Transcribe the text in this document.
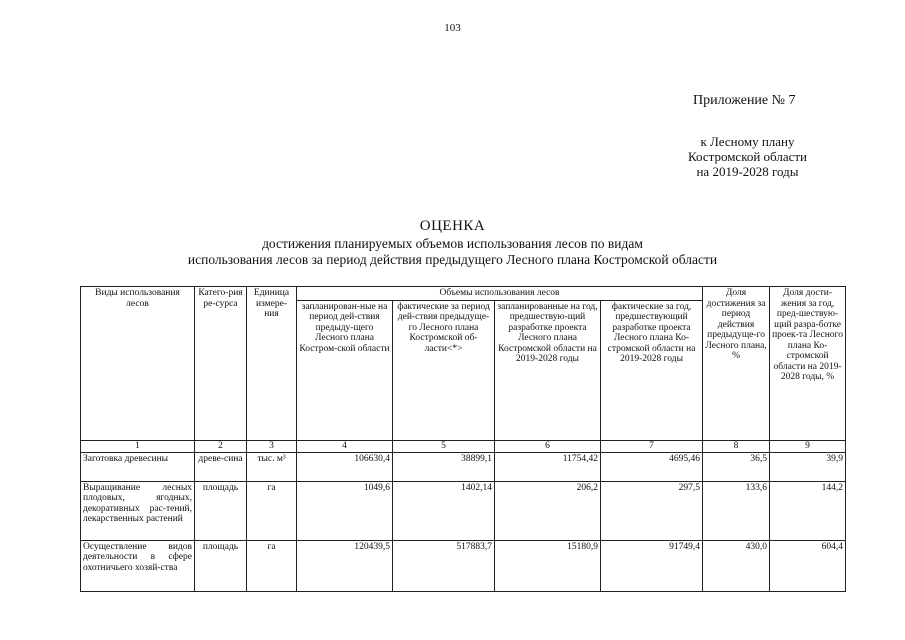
103
Приложение № 7
к Лесному плану
Костромской области
на 2019-2028 годы
ОЦЕНКА
достижения планируемых объемов использования лесов по видам
использования лесов за период действия предыдущего Лесного плана Костромской области
Виды использования лесов	Катего-рия ре-сурса	Единица измере-ния	Объемы использования лесов				Доля достижения за период действия предыдуще-го Лесного плана, %	Доля дости-жения за год, пред-шествую-щий разра-ботке проек-та Лесного плана Ко-стромской области на 2019-2028 годы, %
			запланирован-ные на период дей-ствия предыду-щего Лесного плана Костром-ской области	фактические за период дей-ствия предыдуще-го Лесного плана Костромской об-ласти<*>	запланированные на год, предшествую-щий разработке проекта Лесного плана Костромской области на 2019-2028 годы	фактические за год, предшествующий разработке проекта Лесного плана Ко-стромской области на 2019-2028 годы		
1	2	3	4	5	6	7	8	9
Заготовка древесины	древе-сина	тыс. м³	106630,4	38899,1	11754,42	4695,46	36,5	39,9
Выращивание лесных плодовых, ягодных, декоративных рас-тений, лекарственных растений	площадь	га	1049,6	1402,14	206,2	297,5	133,6	144,2
Осуществление видов деятельности в сфере охотничьего хозяй-ства	площадь	га	120439,5	517883,7	15180,9	91749,4	430,0	604,4
